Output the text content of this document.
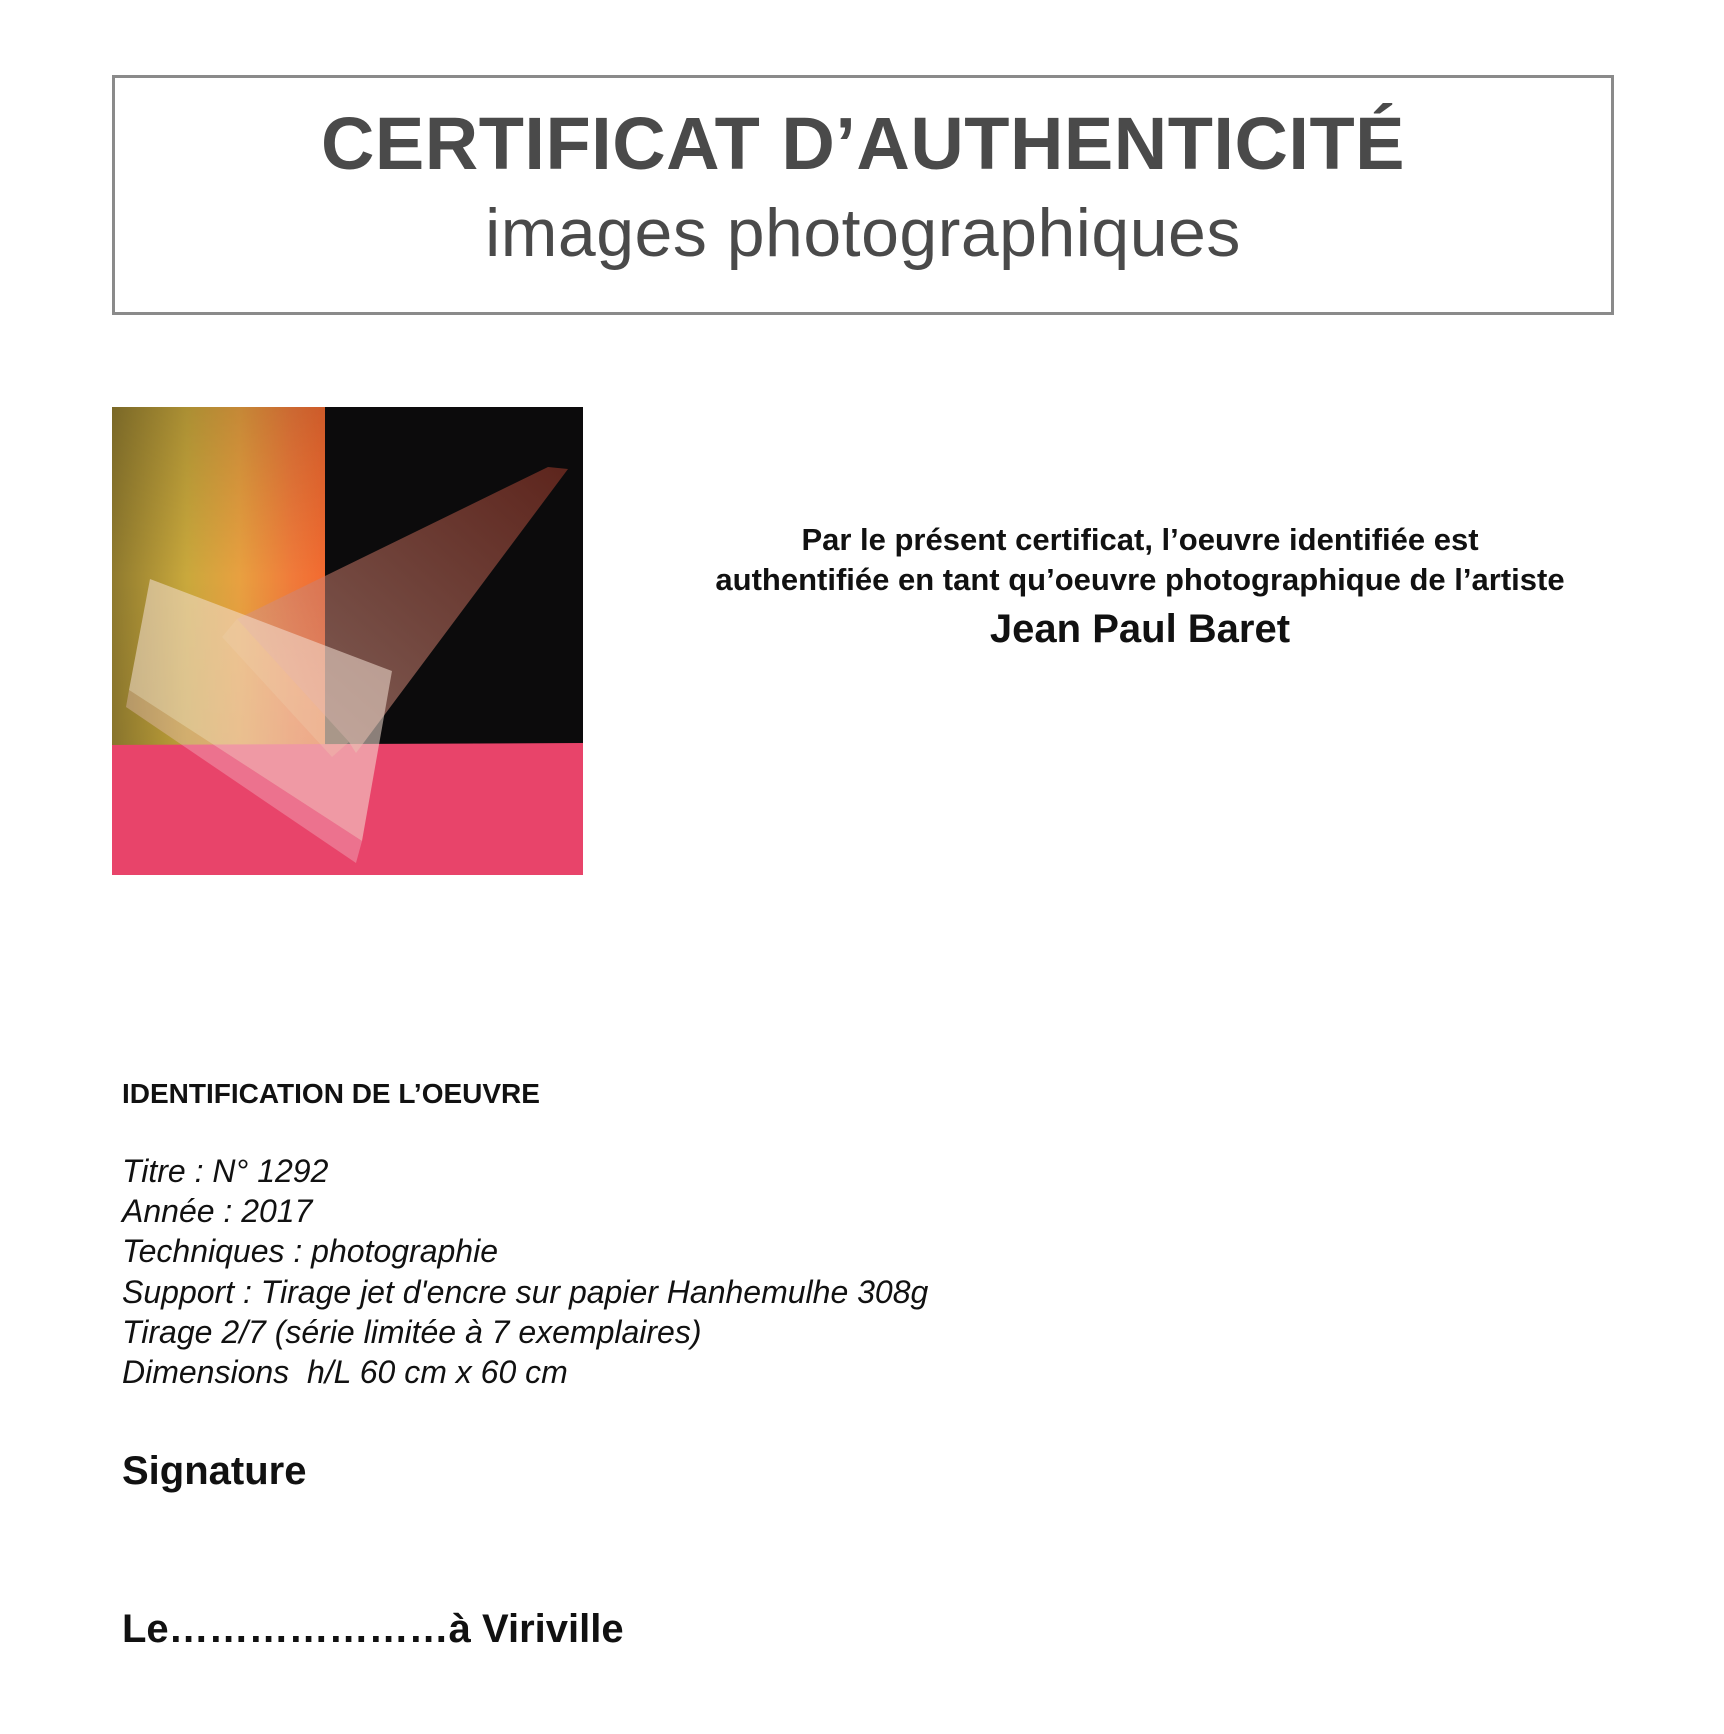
CERTIFICAT D’AUTHENTICITÉ
images photographiques
Par le présent certificat, l’oeuvre identifiée est
authentifiée en tant qu’oeuvre photographique de l’artiste
Jean Paul Baret
IDENTIFICATION DE L’OEUVRE
Titre : N° 1292
Année : 2017
Techniques : photographie
Support : Tirage jet d'encre sur papier Hanhemulhe 308g
Tirage 2/7 (série limitée à 7 exemplaires)
Dimensions  h/L 60 cm x 60 cm
Signature
Le…………………à Viriville
